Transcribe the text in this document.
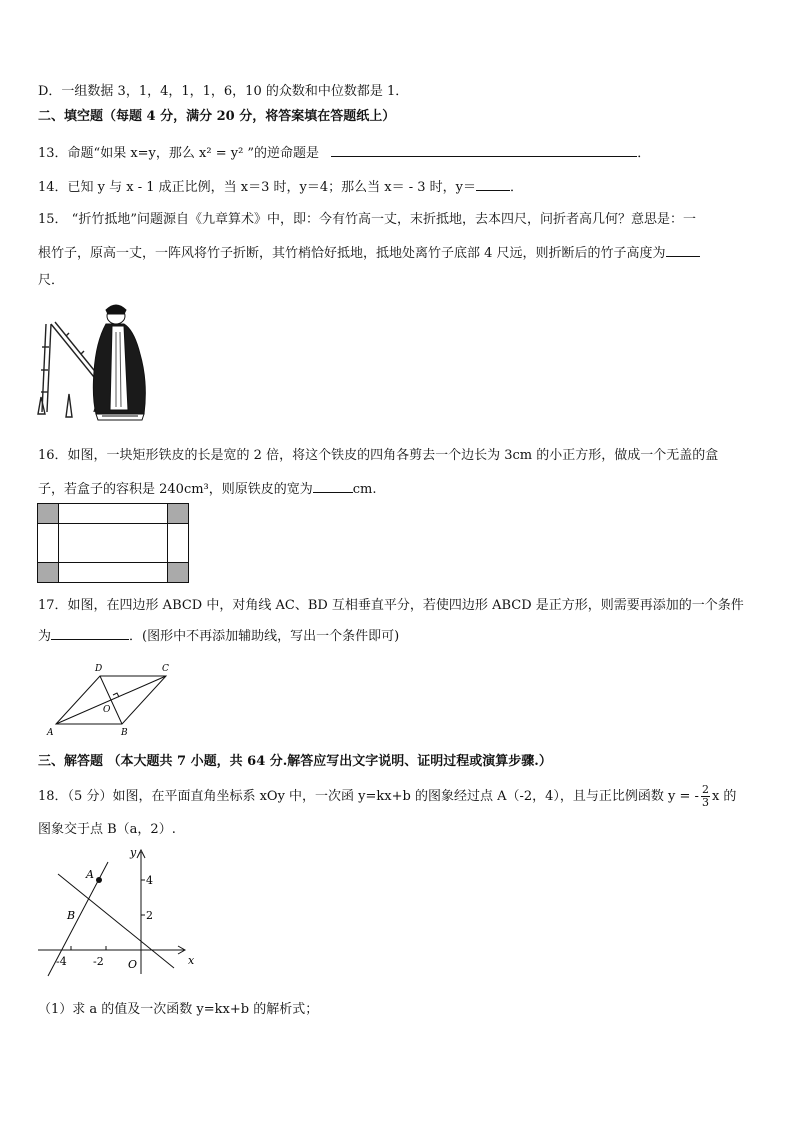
D．一组数据 3，1，4，1，1，6，10 的众数和中位数都是 1．
二、填空题（每题 4 分，满分 20 分，将答案填在答题纸上）
13．命题“如果 x=y，那么 x² = y² ”的逆命题是	．
14．已知 y 与 x - 1 成正比例，当 x＝3 时，y＝4；那么当 x＝ - 3 时，y＝	．
15． “折竹抵地”问题源自《九章算术》中，即：今有竹高一丈，末折抵地，去本四尺，问折者高几何？意思是：一
根竹子，原高一丈，一阵风将竹子折断，其竹梢恰好抵地，抵地处离竹子底部 4 尺远，则折断后的竹子高度为
尺．
16．如图，一块矩形铁皮的长是宽的 2 倍，将这个铁皮的四角各剪去一个边长为 3cm 的小正方形，做成一个无盖的盒
子，若盒子的容积是 240cm³，则原铁皮的宽为	cm.
17．如图，在四边形 ABCD 中，对角线 AC、BD 互相垂直平分，若使四边形 ABCD 是正方形，则需要再添加的一个条件
为	．(图形中不再添加辅助线，写出一个条件即可)
D	C
A	B
O
三、解答题 （本大题共 7 小题，共 64 分.解答应写出文字说明、证明过程或演算步骤.）
18．（5 分）如图，在平面直角坐标系 xOy 中，一次函 y=kx+b 的图象经过点 A（-2，4），且与正比例函数 y = - $\frac{2}{3}$ x 的
图象交于点 B（a，2）.
A
B
y
x
O
4
2
-4 -2
（1）求 a 的值及一次函数 y=kx+b 的解析式；
